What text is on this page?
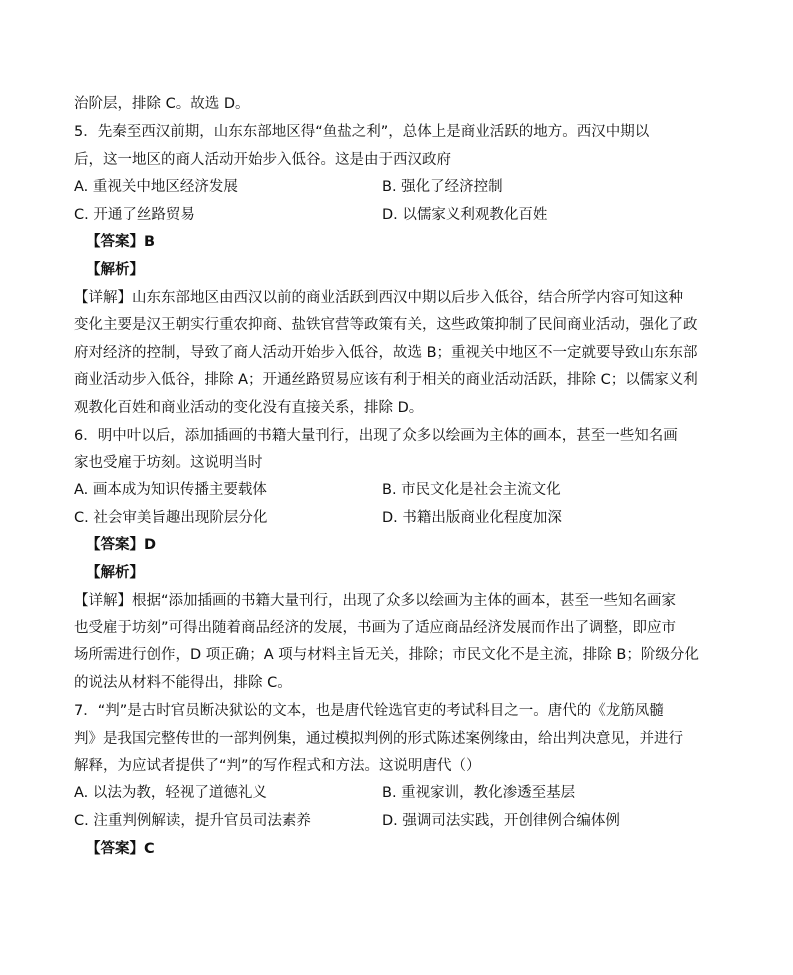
治阶层，排除 C。故选 D。
5．先秦至西汉前期，山东东部地区得“鱼盐之利”，总体上是商业活跃的地方。西汉中期以
后，这一地区的商人活动开始步入低谷。这是由于西汉政府
A. 重视关中地区经济发展	B. 强化了经济控制
C. 开通了丝路贸易	D. 以儒家义利观教化百姓
【答案】B
【解析】
【详解】山东东部地区由西汉以前的商业活跃到西汉中期以后步入低谷，结合所学内容可知这种
变化主要是汉王朝实行重农抑商、盐铁官营等政策有关，这些政策抑制了民间商业活动，强化了政
府对经济的控制，导致了商人活动开始步入低谷，故选 B；重视关中地区不一定就要导致山东东部
商业活动步入低谷，排除 A；开通丝路贸易应该有利于相关的商业活动活跃，排除 C；以儒家义利
观教化百姓和商业活动的变化没有直接关系，排除 D。
6．明中叶以后，添加插画的书籍大量刊行，出现了众多以绘画为主体的画本，甚至一些知名画
家也受雇于坊刻。这说明当时
A. 画本成为知识传播主要载体	B. 市民文化是社会主流文化
C. 社会审美旨趣出现阶层分化	D. 书籍出版商业化程度加深
【答案】D
【解析】
【详解】根据“添加插画的书籍大量刊行，出现了众多以绘画为主体的画本，甚至一些知名画家
也受雇于坊刻”可得出随着商品经济的发展，书画为了适应商品经济发展而作出了调整，即应市
场所需进行创作，D 项正确；A 项与材料主旨无关，排除；市民文化不是主流，排除 B；阶级分化
的说法从材料不能得出，排除 C。
7．“判”是古时官员断决狱讼的文本，也是唐代铨选官吏的考试科目之一。唐代的《龙筋凤髓
判》是我国完整传世的一部判例集，通过模拟判例的形式陈述案例缘由，给出判决意见，并进行
解释，为应试者提供了“判”的写作程式和方法。这说明唐代（）
A. 以法为教，轻视了道德礼义	B. 重视家训，教化渗透至基层
C. 注重判例解读，提升官员司法素养	D. 强调司法实践，开创律例合编体例
【答案】C
